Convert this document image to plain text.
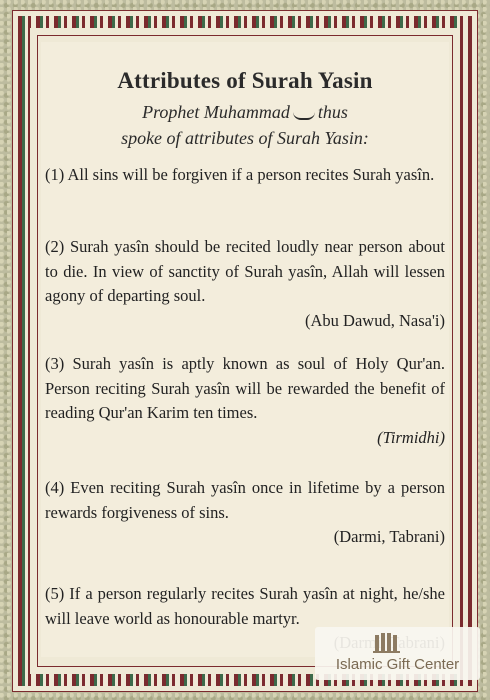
Attributes of Surah Yasin
Prophet Muhammad thus
spoke of attributes of Surah Yasin:
(1) All sins will be forgiven if a person recites Surah yasîn.
(2) Surah yasîn should be recited loudly near person about to die. In view of sanctity of Surah yasîn, Allah will lessen agony of departing soul.
(Abu Dawud, Nasa'i)
(3) Surah yasîn is aptly known as soul of Holy Qur'an. Person reciting Surah yasîn will be rewarded the benefit of reading Qur'an Karim ten times.
(Tirmidhi)
(4) Even reciting Surah yasîn once in lifetime by a person rewards forgiveness of sins.
(Darmi, Tabrani)
(5) If a person regularly recites Surah yasîn at night, he/she will leave world as honourable martyr.
Islamic Gift Center
